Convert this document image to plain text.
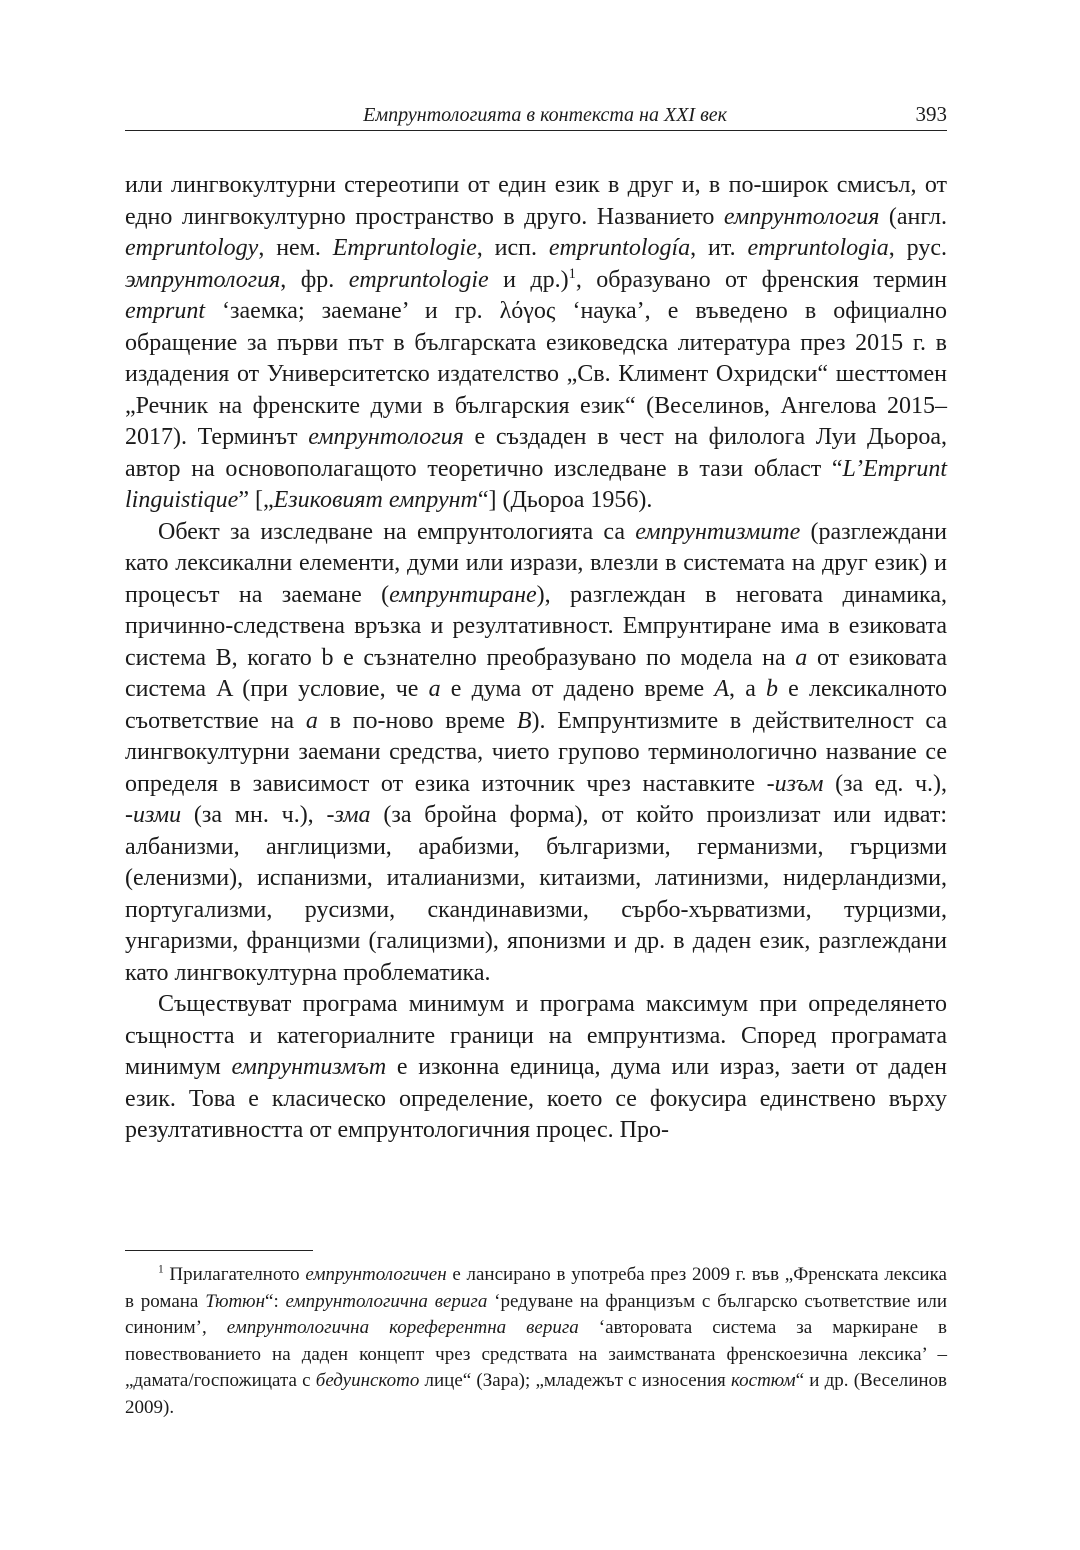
Емпрунтологията в контекста на XXI век	393

или лингвокултурни стереотипи от един език в друг и, в по-широк смисъл, от едно лингвокултурно пространство в друго. Названието емпрунтология (англ. empruntology, нем. Empruntologie, исп. empruntología, ит. empruntologia, рус. эмпрунтология, фр. empruntologie и др.)$^1$, образувано от френския термин emprunt ‘заемка; заемане’ и гр. λόγος ‘наука’, е въведено в официално обращение за първи път в българската езиковедска литература през 2015 г. в издадения от Университетско издателство „Св. Климент Охридски“ шесттомен „Речник на френските думи в българския език“ (Веселинов, Ангелова 2015–2017). Терминът емпрунтология е създаден в чест на филолога Луи Дьороа, автор на основополагащото теоретично изследване в тази област “L’Emprunt linguistique” [„Езиковият емпрунт“] (Дьороа 1956).

Обект за изследване на емпрунтологията са емпрунтизмите (разглеждани като лексикални елементи, думи или изрази, влезли в системата на друг език) и процесът на заемане (емпрунтиране), разглеждан в неговата динамика, причинно-следствена връзка и резултативност. Емпрунтиране има в езиковата система B, когато b е съзнателно преобразувано по модела на a от езиковата система A (при условие, че a е дума от дадено време A, а b е лексикалното съответствие на a в по-ново време B). Емпрунтизмите в действителност са лингвокултурни заемани средства, чието групово терминологично название се определя в зависимост от езика източник чрез наставките -изъм (за ед. ч.), -изми (за мн. ч.), -зма (за бройна форма), от който произлизат или идват: албанизми, англицизми, арабизми, българизми, германизми, гърцизми (еленизми), испанизми, италианизми, китаизми, латинизми, нидерландизми, португализми, русизми, скандинавизми, сърбо-хърватизми, турцизми, унгаризми, францизми (галицизми), японизми и др. в даден език, разглеждани като лингвокултурна проблематика.

Съществуват програма минимум и програма максимум при определянето същността и категориалните граници на емпрунтизма. Според програмата минимум емпрунтизмът е изконна единица, дума или израз, заети от даден език. Това е класическо определение, което се фокусира единствено върху резултативността от емпрунтологичния процес. Про-

$^1$ Прилагателното емпрунтологичен е лансирано в употреба през 2009 г. във „Френската лексика в романа Тютюн“: емпрунтологична верига ‘редуване на францизъм с българско съответствие или синоним’, емпрунтологична кореферентна верига ‘авторовата система за маркиране в повествованието на даден концепт чрез средствата на заимстваната френскоезична лексика’ – „дамата/госпожицата с бедуинското лице“ (Зара); „младежът с износения костюм“ и др. (Веселинов 2009).
